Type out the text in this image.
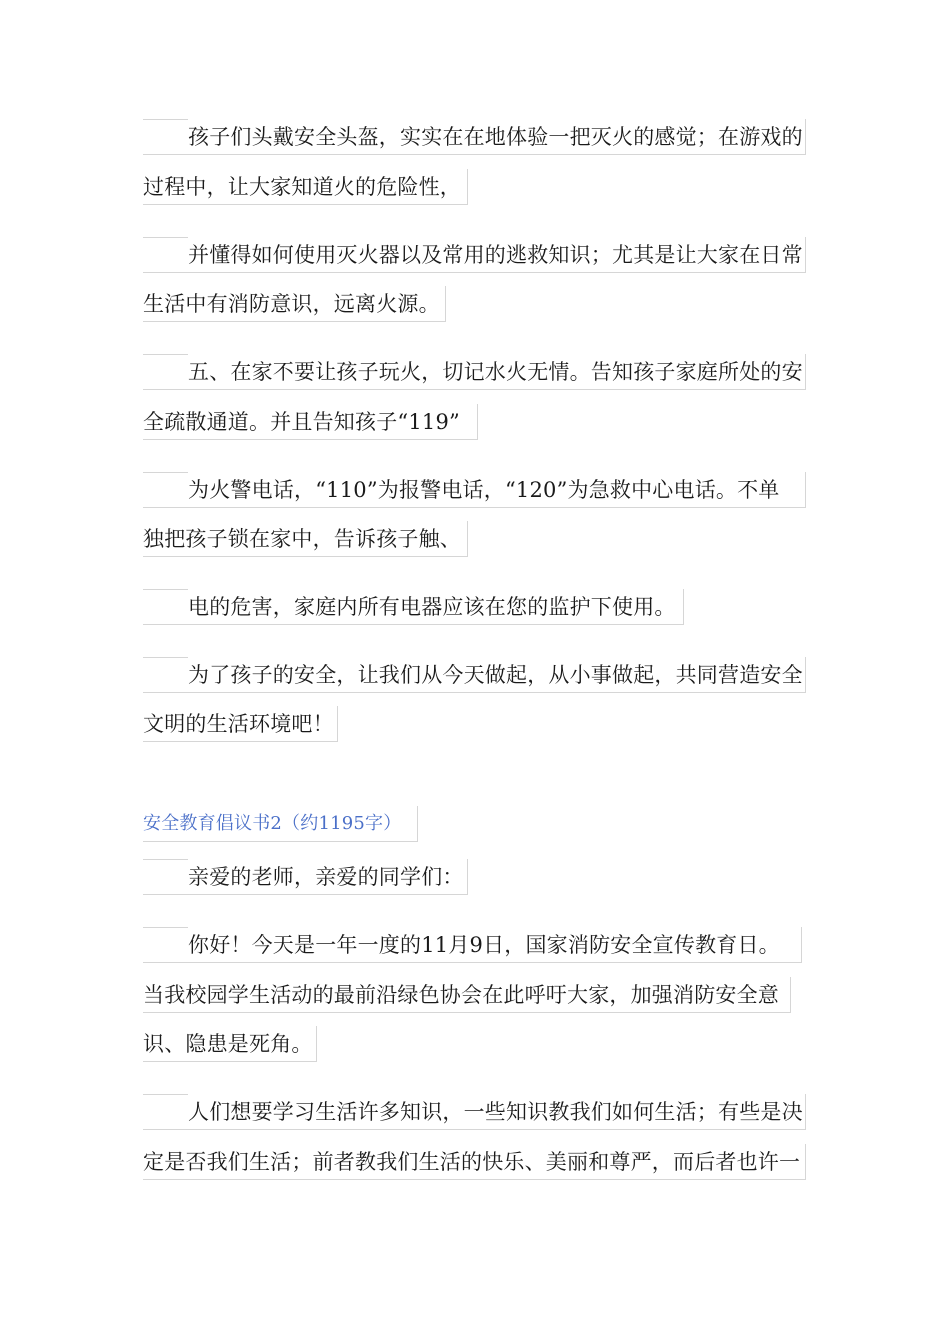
孩子们头戴安全头盔，实实在在地体验一把灭火的感觉；在游戏的
过程中，让大家知道火的危险性，
并懂得如何使用灭火器以及常用的逃救知识；尤其是让大家在日常
生活中有消防意识，远离火源。
五、在家不要让孩子玩火，切记水火无情。告知孩子家庭所处的安
全疏散通道。并且告知孩子“119”
为火警电话，“110”为报警电话，“120”为急救中心电话。不单
独把孩子锁在家中，告诉孩子触、
电的危害，家庭内所有电器应该在您的监护下使用。
为了孩子的安全，让我们从今天做起，从小事做起，共同营造安全
文明的生活环境吧！
安全教育倡议书2（约1195字）
亲爱的老师，亲爱的同学们：
你好！今天是一年一度的11月9日，国家消防安全宣传教育日。
当我校园学生活动的最前沿绿色协会在此呼吁大家，加强消防安全意
识、隐患是死角。
人们想要学习生活许多知识，一些知识教我们如何生活；有些是决
定是否我们生活；前者教我们生活的快乐、美丽和尊严，而后者也许一
